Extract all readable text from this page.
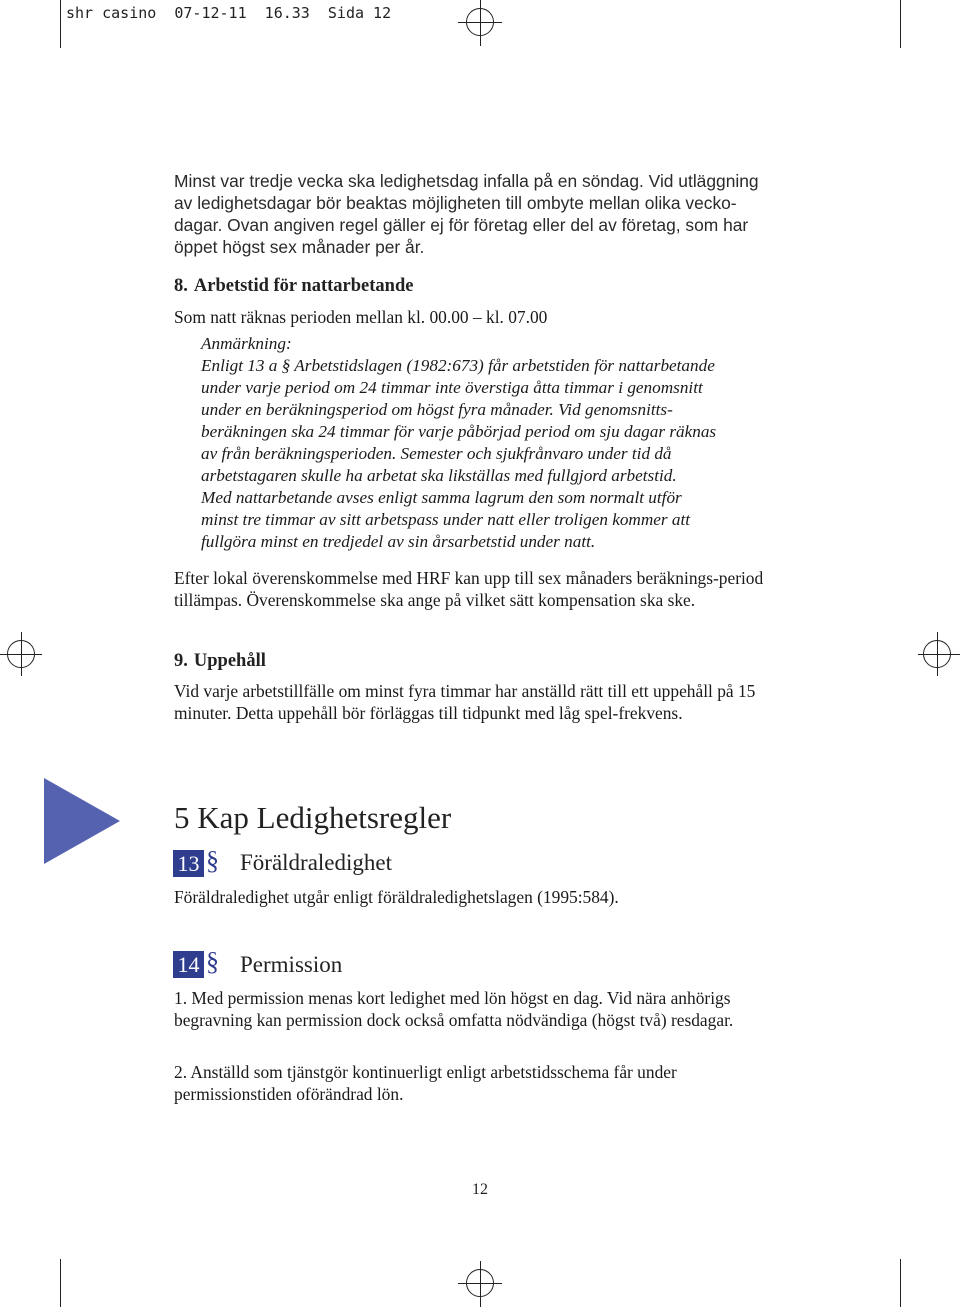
shr casino  07-12-11  16.33  Sida 12

Minst var tredje vecka ska ledighetsdag infalla på en söndag. Vid utläggning av ledighetsdagar bör beaktas möjligheten till ombyte mellan olika vecko-dagar. Ovan angiven regel gäller ej för företag eller del av företag, som har öppet högst sex månader per år.

8. Arbetstid för nattarbetande

Som natt räknas perioden mellan kl. 00.00 – kl. 07.00

Anmärkning:
Enligt 13 a § Arbetstidslagen (1982:673) får arbetstiden för nattarbetande
under varje period om 24 timmar inte överstiga åtta timmar i genomsnitt
under en beräkningsperiod om högst fyra månader. Vid genomsnitts-
beräkningen ska 24 timmar för varje påbörjad period om sju dagar räknas
av från beräkningsperioden. Semester och sjukfrånvaro under tid då
arbetstagaren skulle ha arbetat ska likställas med fullgjord arbetstid.
Med nattarbetande avses enligt samma lagrum den som normalt utför
minst tre timmar av sitt arbetspass under natt eller troligen kommer att
fullgöra minst en tredjedel av sin årsarbetstid under natt.

Efter lokal överenskommelse med HRF kan upp till sex månaders beräknings-period tillämpas. Överenskommelse ska ange på vilket sätt kompensation ska ske.

9. Uppehåll

Vid varje arbetstillfälle om minst fyra timmar har anställd rätt till ett uppehåll på 15 minuter. Detta uppehåll bör förläggas till tidpunkt med låg spel-frekvens.

5 Kap Ledighetsregler
13 § Föräldraledighet

Föräldraledighet utgår enligt föräldraledighetslagen (1995:584).

14 § Permission

1. Med permission menas kort ledighet med lön högst en dag. Vid nära anhörigs begravning kan permission dock också omfatta nödvändiga (högst två) resdagar.

2. Anställd som tjänstgör kontinuerligt enligt arbetstidsschema får under permissionstiden oförändrad lön.

12
